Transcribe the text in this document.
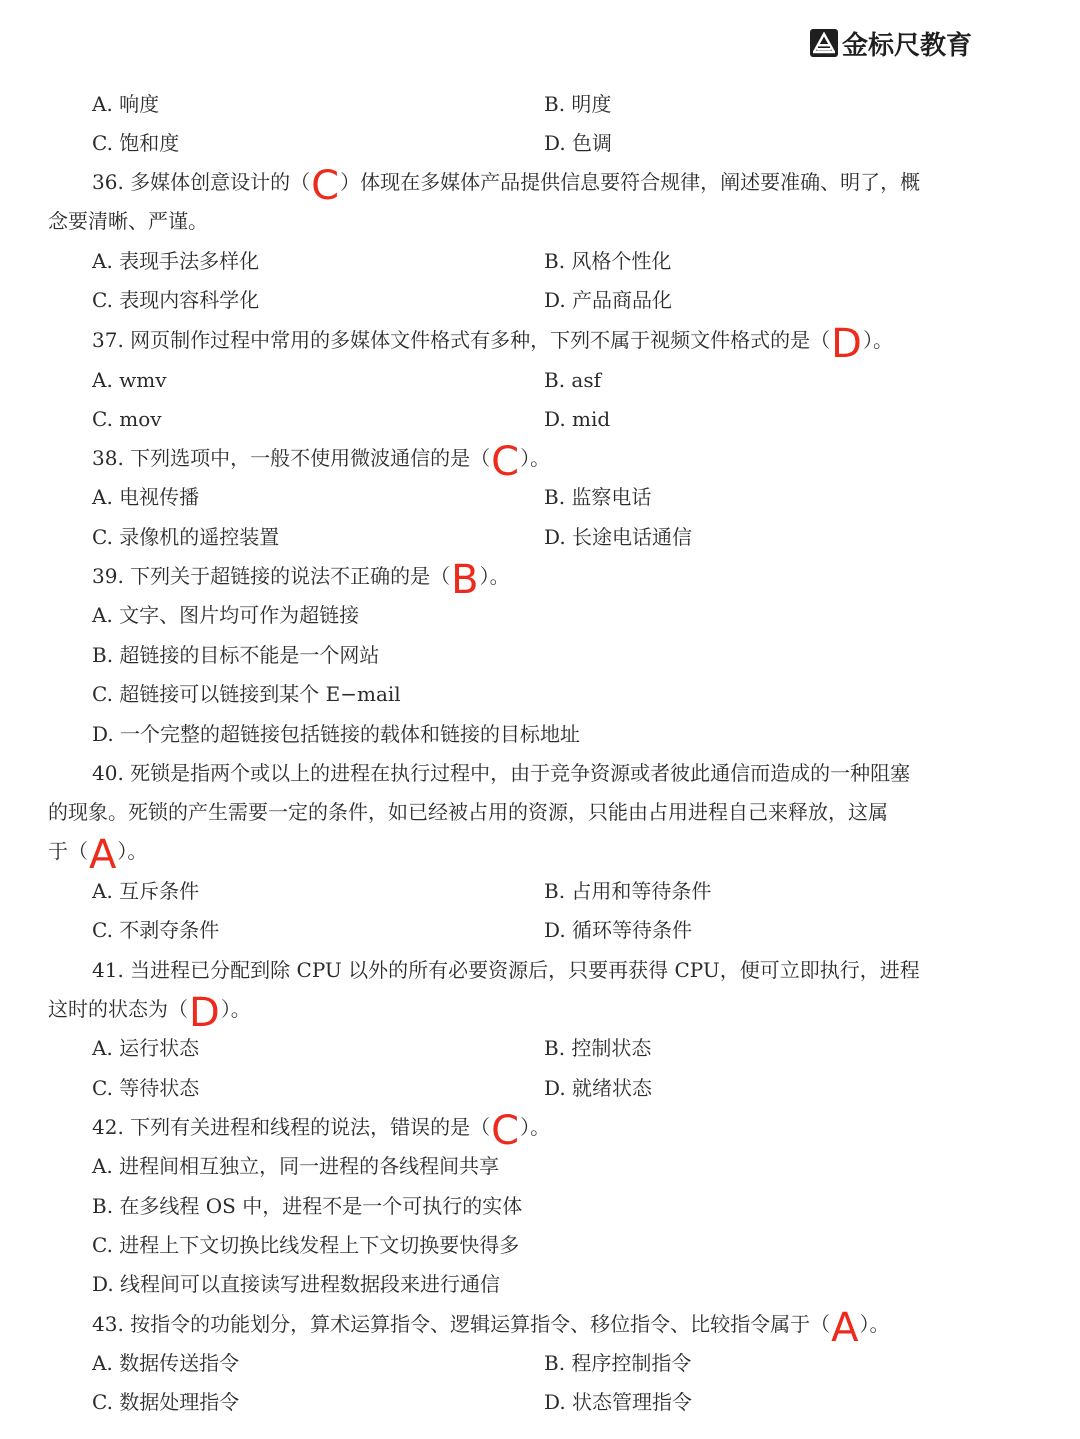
金标尺教育
A. 响度	B. 明度
C. 饱和度	D. 色调
36. 多媒体创意设计的（C）体现在多媒体产品提供信息要符合规律，阐述要准确、明了，概
念要清晰、严谨。
A. 表现手法多样化	B. 风格个性化
C. 表现内容科学化	D. 产品商品化
37. 网页制作过程中常用的多媒体文件格式有多种，下列不属于视频文件格式的是（D）。
A. wmv	B. asf
C. mov	D. mid
38. 下列选项中，一般不使用微波通信的是（C）。
A. 电视传播	B. 监察电话
C. 录像机的遥控装置	D. 长途电话通信
39. 下列关于超链接的说法不正确的是（B）。
A. 文字、图片均可作为超链接
B. 超链接的目标不能是一个网站
C. 超链接可以链接到某个 E−mail
D. 一个完整的超链接包括链接的载体和链接的目标地址
40. 死锁是指两个或以上的进程在执行过程中，由于竞争资源或者彼此通信而造成的一种阻塞
的现象。死锁的产生需要一定的条件，如已经被占用的资源，只能由占用进程自己来释放，这属
于（A）。
A. 互斥条件	B. 占用和等待条件
C. 不剥夺条件	D. 循环等待条件
41. 当进程已分配到除 CPU 以外的所有必要资源后，只要再获得 CPU，便可立即执行，进程
这时的状态为（D）。
A. 运行状态	B. 控制状态
C. 等待状态	D. 就绪状态
42. 下列有关进程和线程的说法，错误的是（C）。
A. 进程间相互独立，同一进程的各线程间共享
B. 在多线程 OS 中，进程不是一个可执行的实体
C. 进程上下文切换比线发程上下文切换要快得多
D. 线程间可以直接读写进程数据段来进行通信
43. 按指令的功能划分，算术运算指令、逻辑运算指令、移位指令、比较指令属于（A）。
A. 数据传送指令	B. 程序控制指令
C. 数据处理指令	D. 状态管理指令
